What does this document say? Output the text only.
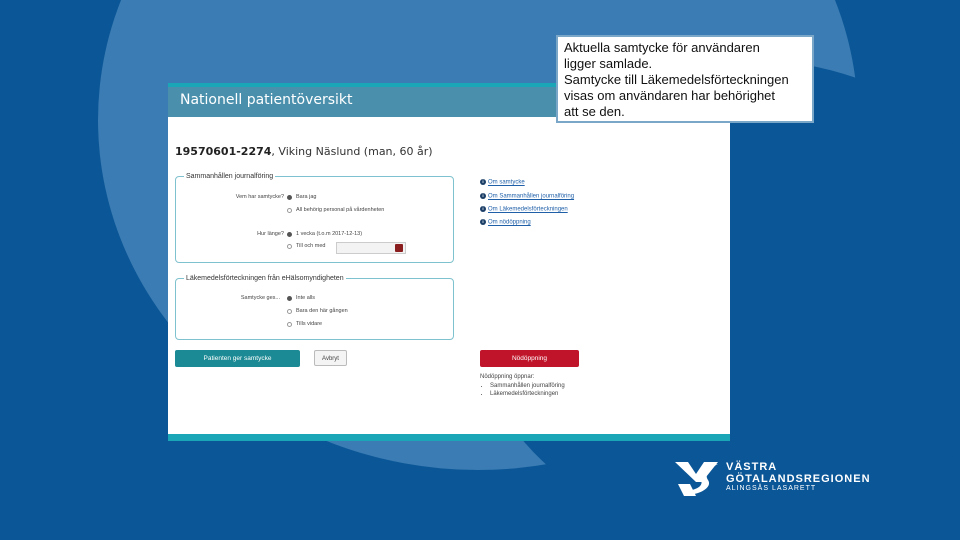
Nationell patientöversikt
19570601-2274, Viking Näslund (man, 60 år)
Sammanhållen journalföring
Vem har samtycke? Bara jag
All behörig personal på vårdenheten
Hur länge? 1 vecka (t.o.m 2017-12-13)
Till och med
Läkemedelsförteckningen från eHälsomyndigheten
Samtycke ges...	Inte alls
Bara den här gången
Tills vidare
Patienten ger samtycke	Avbryt	Nödöppning
i Om samtycke
i Om Sammanhållen journalföring
i Om Läkemedelsförteckningen
i Om nödöppning
Nödöppning öppnar:
• Sammanhållen journalföring
• Läkemedelsförteckningen
Aktuella samtycke för användaren
ligger samlade.
Samtycke till Läkemedelsförteckningen
visas om användaren har behörighet
att se den.
VÄSTRA
GÖTALANDSREGIONEN
ALINGSÅS LASARETT
